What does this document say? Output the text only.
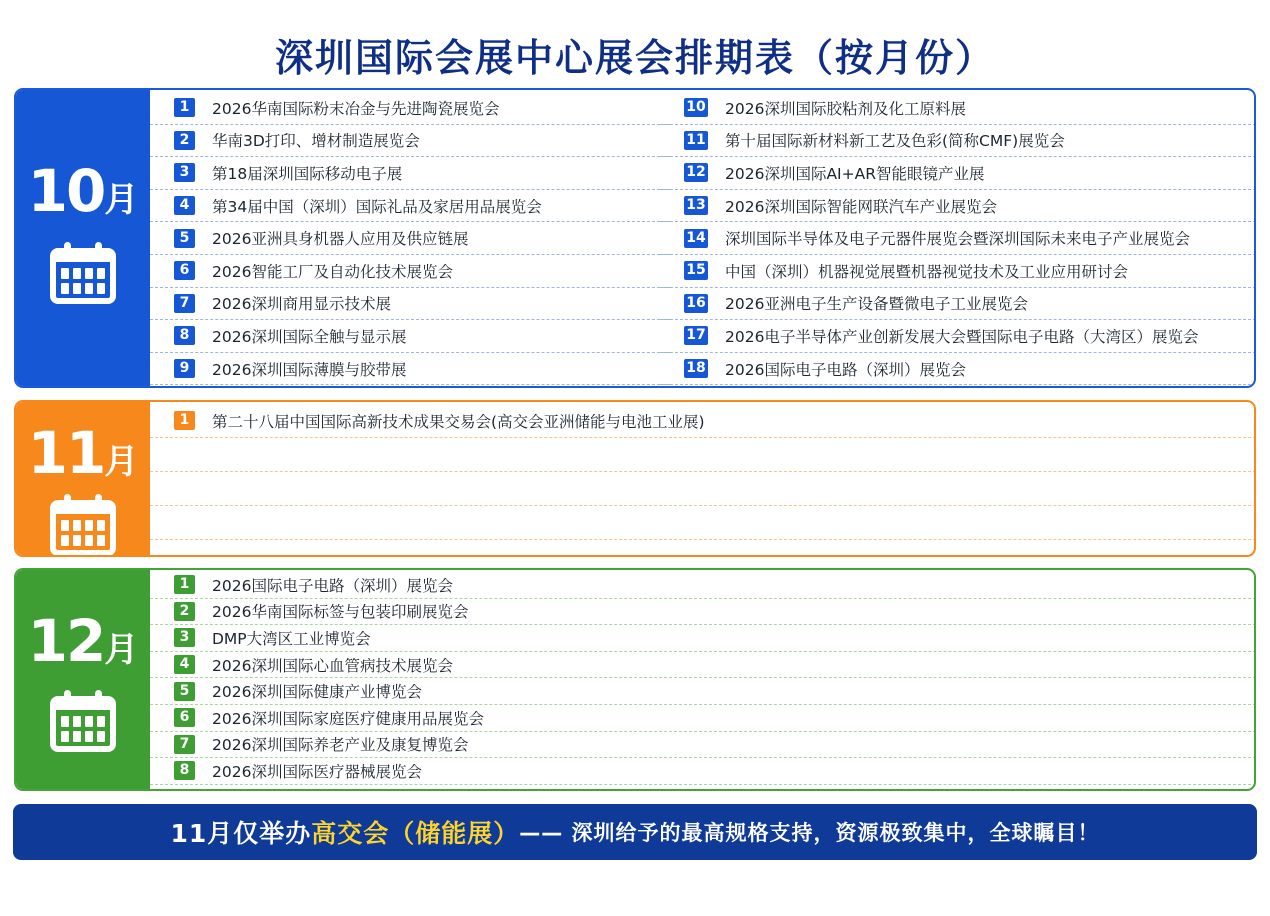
深圳国际会展中心展会排期表（按月份）
10月
1	2026华南国际粉末冶金与先进陶瓷展览会
2	华南3D打印、增材制造展览会
3	第18届深圳国际移动电子展
4	第34届中国（深圳）国际礼品及家居用品展览会
5	2026亚洲具身机器人应用及供应链展
6	2026智能工厂及自动化技术展览会
7	2026深圳商用显示技术展
8	2026深圳国际全触与显示展
9	2026深圳国际薄膜与胶带展
10 2026深圳国际胶粘剂及化工原料展
11 第十届国际新材料新工艺及色彩(简称CMF)展览会
12 2026深圳国际AI+AR智能眼镜产业展
13 2026深圳国际智能网联汽车产业展览会
14 深圳国际半导体及电子元器件展览会暨深圳国际未来电子产业展览会
15 中国（深圳）机器视觉展暨机器视觉技术及工业应用研讨会
16 2026亚洲电子生产设备暨微电子工业展览会
17 2026电子半导体产业创新发展大会暨国际电子电路（大湾区）展览会
18 2026国际电子电路（深圳）展览会
11月
1	第二十八届中国国际高新技术成果交易会(高交会亚洲储能与电池工业展)
12月
1	2026国际电子电路（深圳）展览会
2	2026华南国际标签与包装印刷展览会
3	DMP大湾区工业博览会
4	2026深圳国际心血管病技术展览会
5	2026深圳国际健康产业博览会
6	2026深圳国际家庭医疗健康用品展览会
7	2026深圳国际养老产业及康复博览会
8	2026深圳国际医疗器械展览会
11月仅举办 高交会（储能展） —— 深圳给予的最高规格支持，资源极致集中，全球瞩目！
